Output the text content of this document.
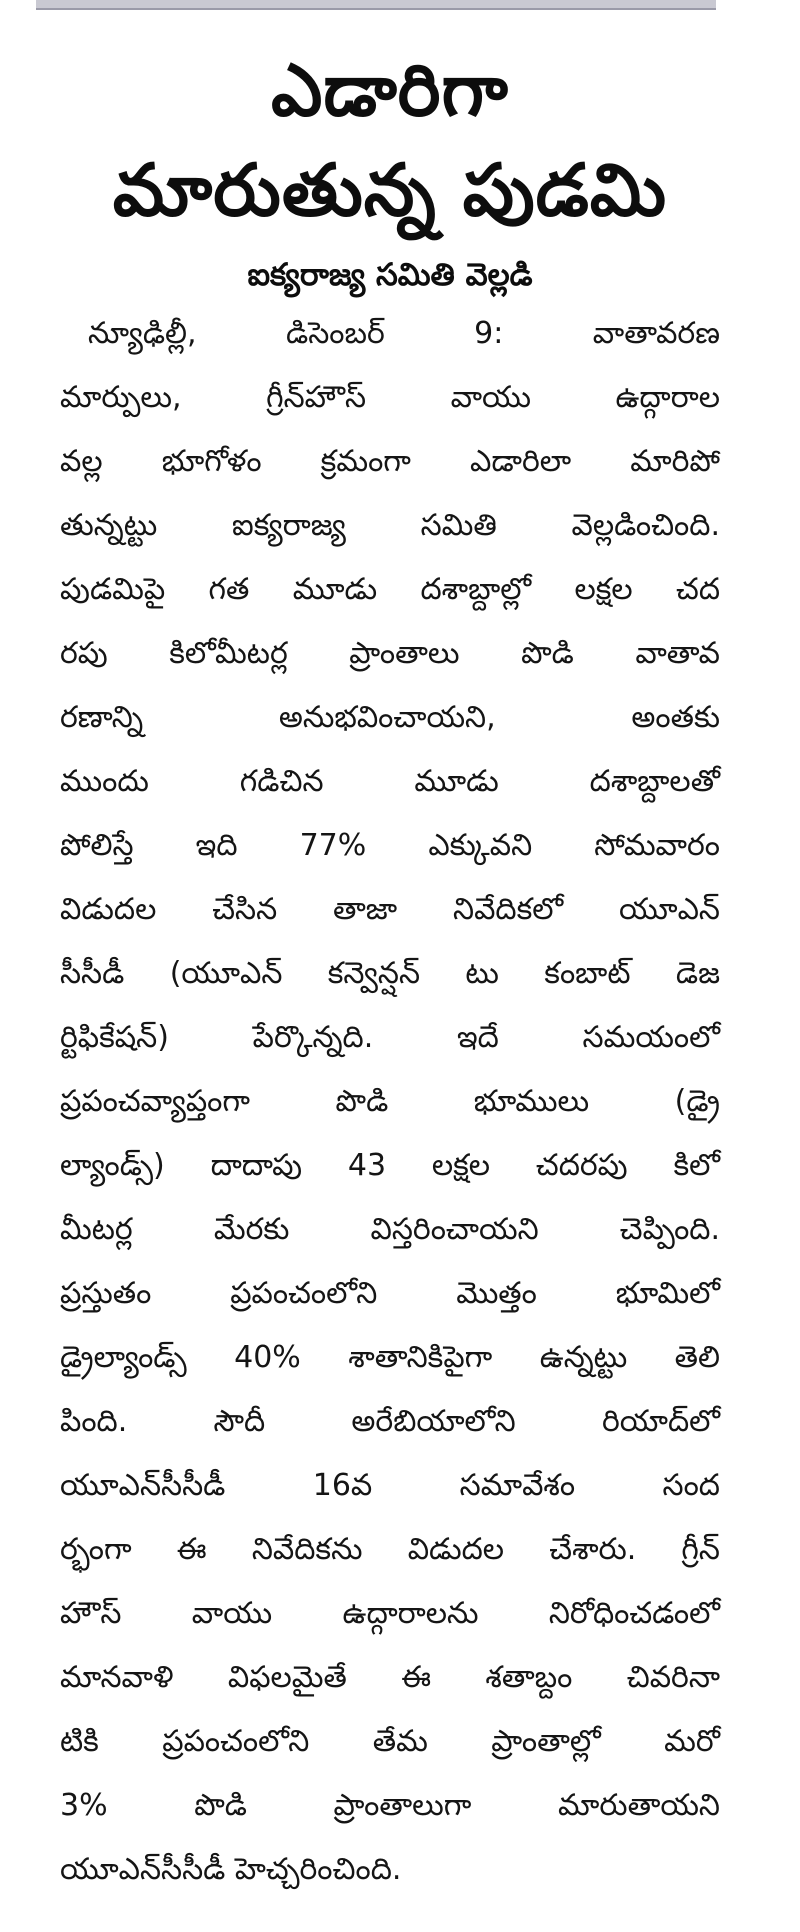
ఎడారిగా
మారుతున్న పుడమి
ఐక్యరాజ్య సమితి వెల్లడి
న్యూఢిల్లీ, డిసెంబర్ 9: వాతావరణ
మార్పులు, గ్రీన్‌హౌస్ వాయు ఉద్గారాల
వల్ల భూగోళం క్రమంగా ఎడారిలా మారిపో
తున్నట్టు ఐక్యరాజ్య సమితి వెల్లడించింది.
పుడమిపై గత మూడు దశాబ్దాల్లో లక్షల చద
రపు కిలోమీటర్ల ప్రాంతాలు పొడి వాతావ
రణాన్ని అనుభవించాయని, అంతకు
ముందు గడిచిన మూడు దశాబ్దాలతో
పోలిస్తే ఇది 77% ఎక్కువని సోమవారం
విడుదల చేసిన తాజా నివేదికలో యూఎన్
సీసీడీ (యూఎన్ కన్వెన్షన్ టు కంబాట్ డెజ
ర్టిఫికేషన్) పేర్కొన్నది. ఇదే సమయంలో
ప్రపంచవ్యాప్తంగా పొడి భూములు (డ్రై
ల్యాండ్స్) దాదాపు 43 లక్షల చదరపు కిలో
మీటర్ల మేరకు విస్తరించాయని చెప్పింది.
ప్రస్తుతం ప్రపంచంలోని మొత్తం భూమిలో
డ్రైల్యాండ్స్ 40% శాతానికిపైగా ఉన్నట్టు తెలి
పింది. సౌదీ అరేబియాలోని రియాద్‌లో
యూఎన్‌సీసీడీ 16వ సమావేశం సంద
ర్భంగా ఈ నివేదికను విడుదల చేశారు. గ్రీన్
హౌస్ వాయు ఉద్గారాలను నిరోధించడంలో
మానవాళి విఫలమైతే ఈ శతాబ్దం చివరినా
టికి ప్రపంచంలోని తేమ ప్రాంతాల్లో మరో
3% పొడి ప్రాంతాలుగా మారుతాయని
యూఎన్‌సీసీడీ హెచ్చరించింది.
